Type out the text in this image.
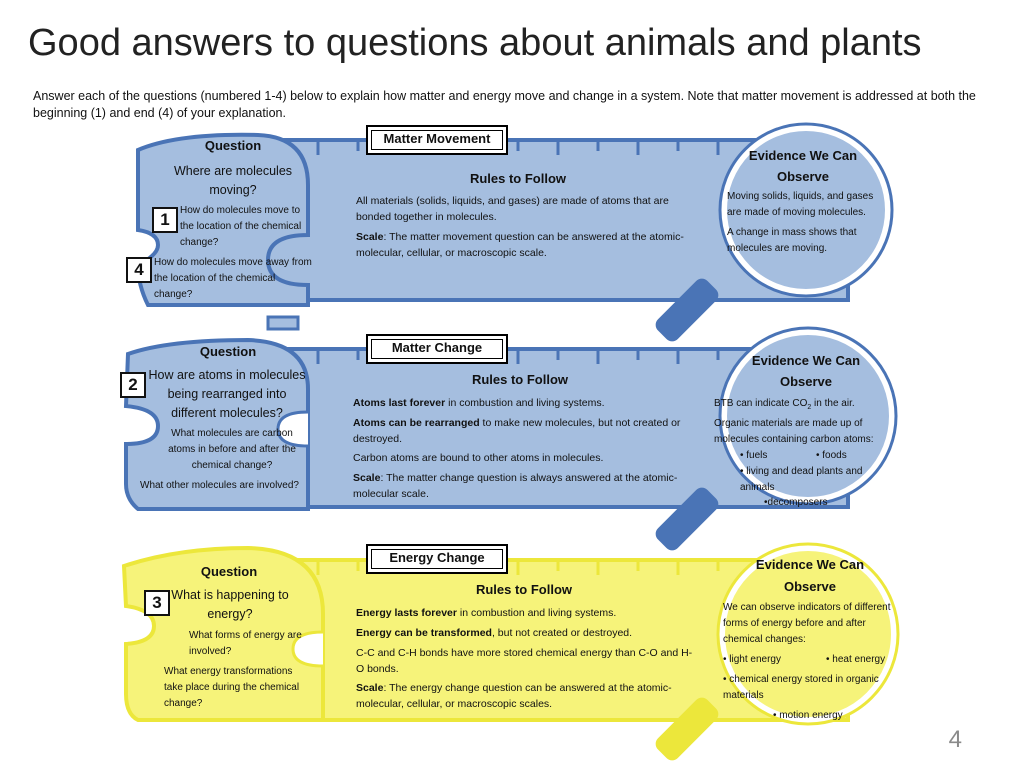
Good answers to questions about animals and plants
Answer each of the questions (numbered 1-4) below to explain how matter and energy move and change in a system. Note that matter movement is addressed at both the beginning (1) and end (4) of your explanation.
Matter Movement
Question
Where are molecules moving?
1	How do molecules move to the location of the chemical change?
4	How do molecules move away from the location of the chemical change?
Rules to Follow
All materials (solids, liquids, and gases) are made of atoms that are bonded together in molecules.
Scale: The matter movement question can be answered at the atomic-molecular, cellular, or macroscopic scale.
Evidence We Can Observe
Moving solids, liquids, and gases are made of moving molecules.
A change in mass shows that molecules are moving.
Matter Change
Question
2 How are atoms in molecules being rearranged into different molecules?
What molecules are carbon atoms in before and after the chemical change?
What other molecules are involved?
Rules to Follow
Atoms last forever in combustion and living systems.
Atoms can be rearranged to make new molecules, but not created or destroyed.
Carbon atoms are bound to other atoms in molecules.
Scale: The matter change question is always answered at the atomic-molecular scale.
Evidence We Can Observe
BTB can indicate $CO_2$ in the air.
Organic materials are made up of molecules containing carbon atoms:
• fuels	• foods
• living and dead plants and animals
•decomposers
Energy Change
Question
3 What is happening to energy?
What forms of energy are involved?
What energy transformations take place during the chemical change?
Rules to Follow
Energy lasts forever in combustion and living systems.
Energy can be transformed, but not created or destroyed.
C-C and C-H bonds have more stored chemical energy than C-O and H-O bonds.
Scale: The energy change question can be answered at the atomic-molecular, cellular, or macroscopic scales.
Evidence We Can Observe
We can observe indicators of different forms of energy before and after chemical changes:
• light energy	• heat energy
• chemical energy stored in organic materials
• motion energy
4
